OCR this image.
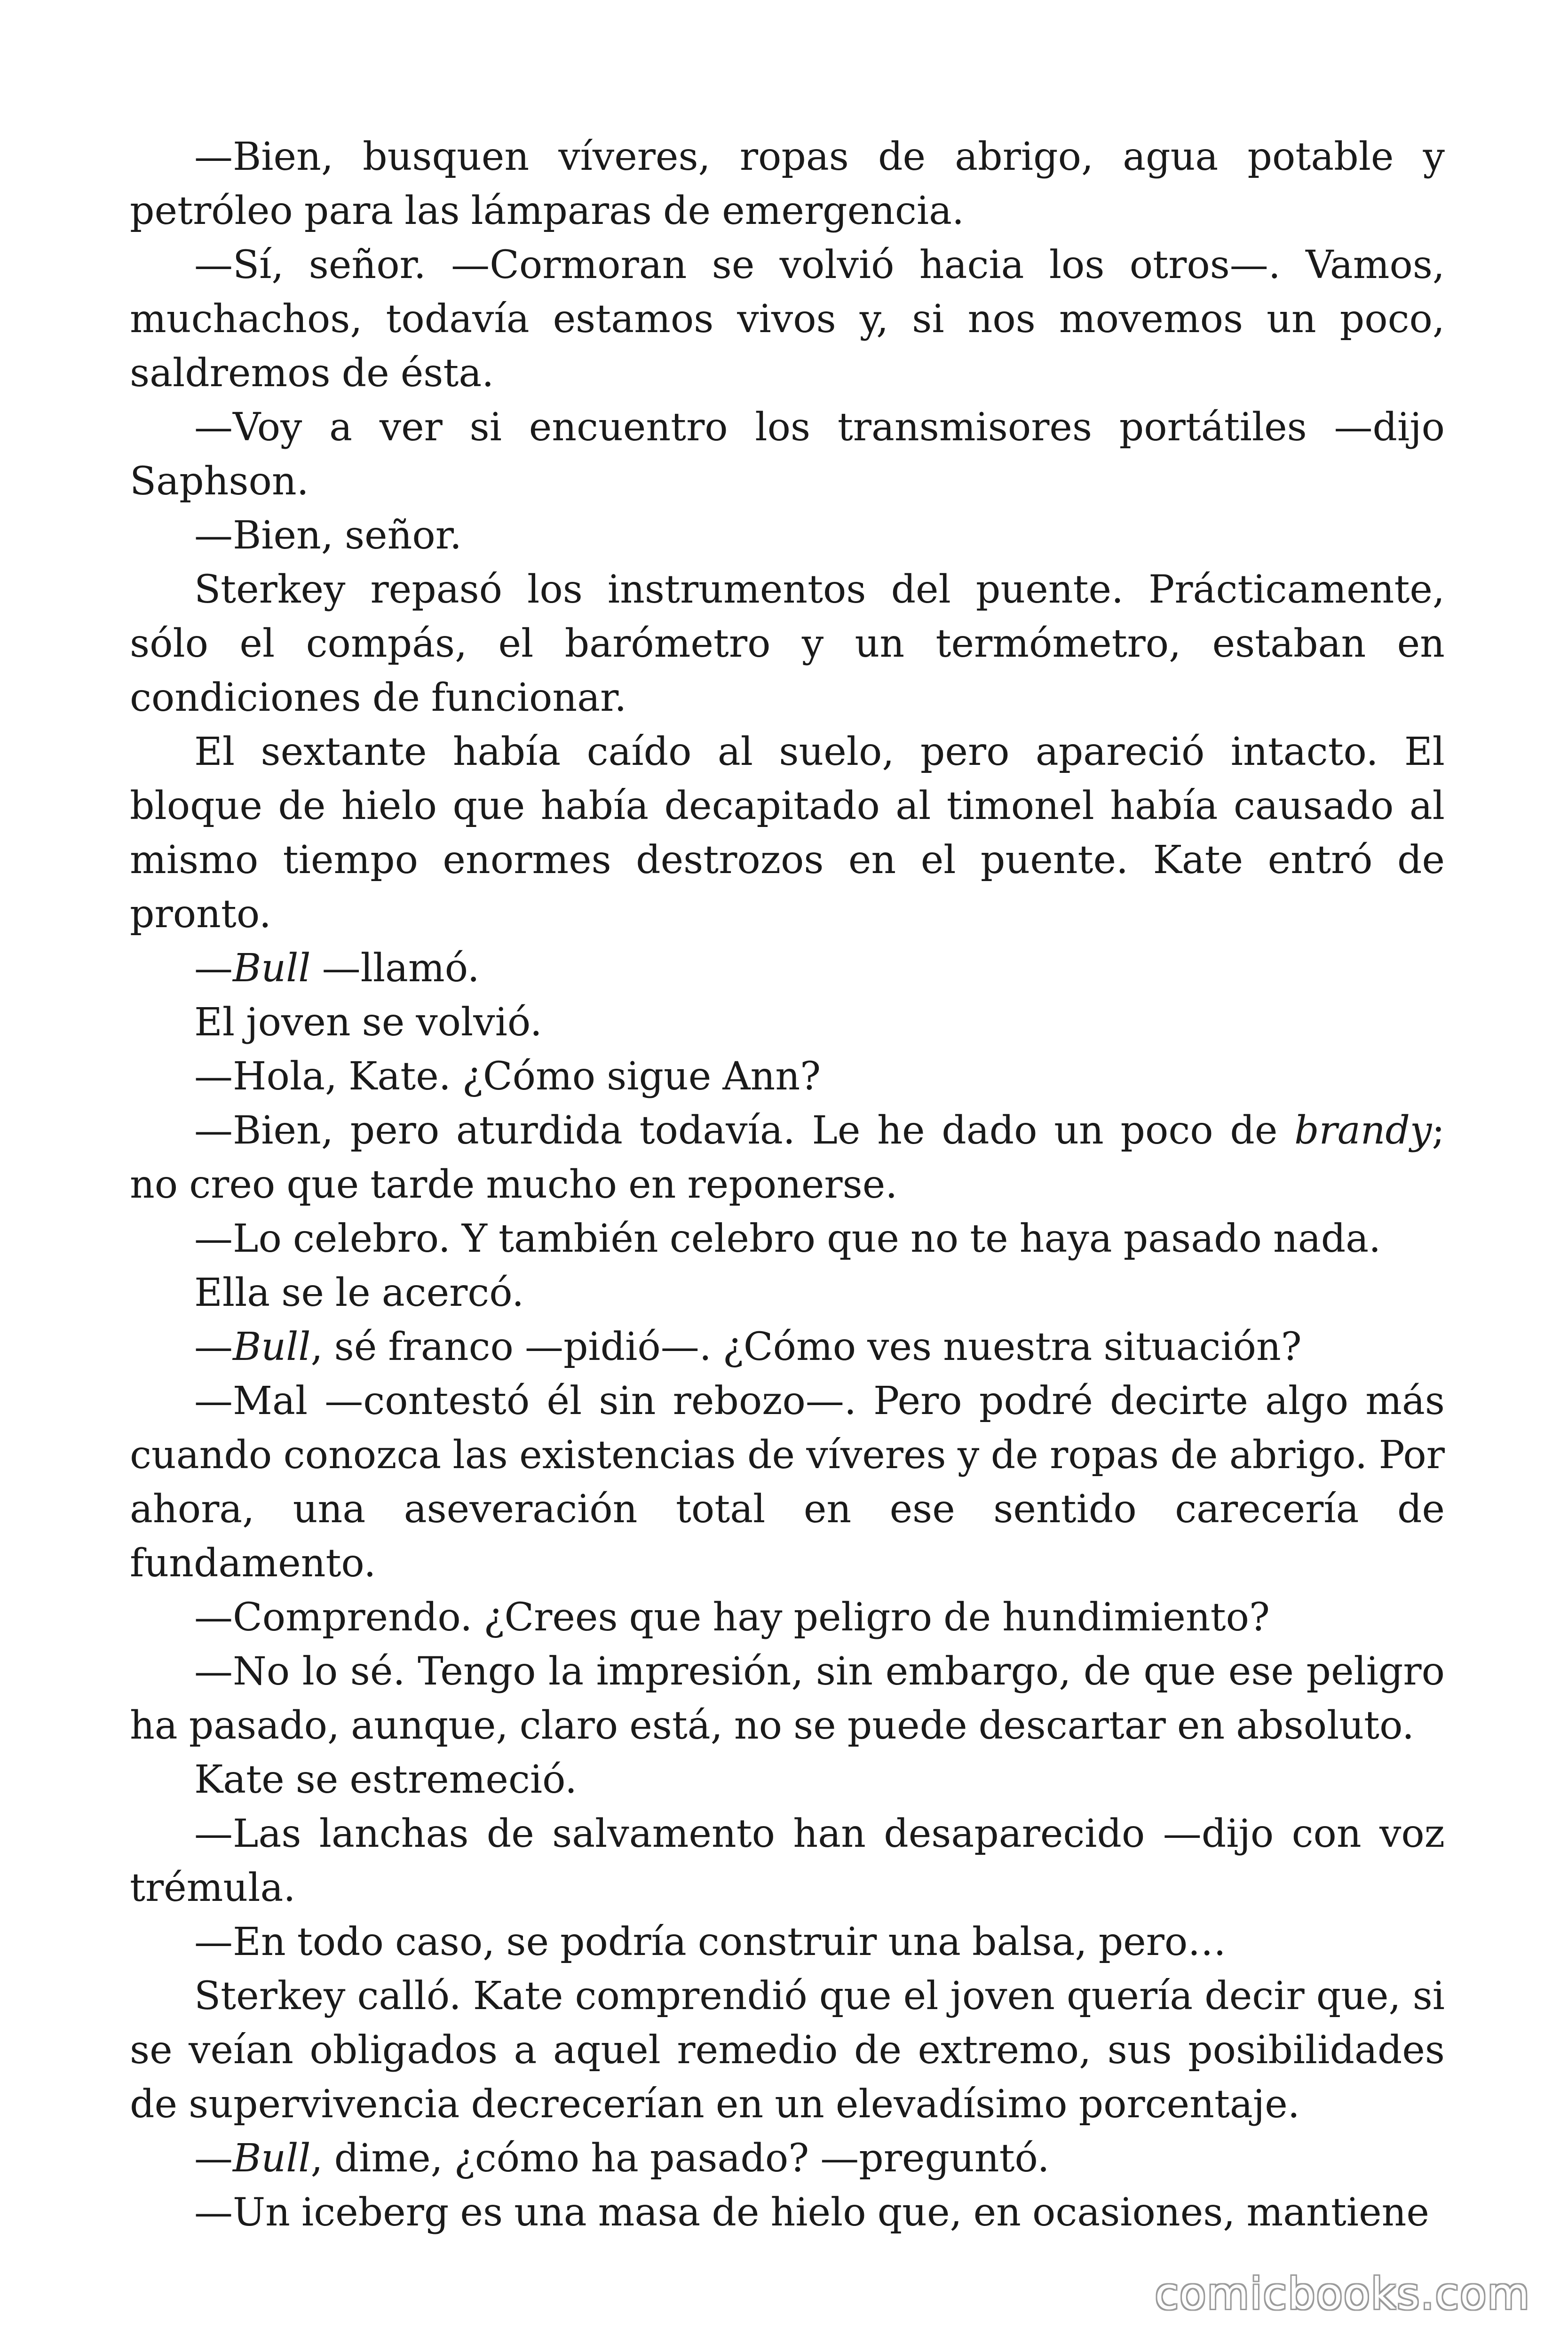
—Bien, busquen víveres, ropas de abrigo, agua potable y petróleo para las lámparas de emergencia.

—Sí, señor. —Cormoran se volvió hacia los otros—. Vamos, muchachos, todavía estamos vivos y, si nos movemos un poco, saldremos de ésta.

—Voy a ver si encuentro los transmisores portátiles —dijo Saphson.

—Bien, señor.

Sterkey repasó los instrumentos del puente. Prácticamente, sólo el compás, el barómetro y un termómetro, estaban en condiciones de funcionar.

El sextante había caído al suelo, pero apareció intacto. El bloque de hielo que había decapitado al timonel había causado al mismo tiempo enormes destrozos en el puente. Kate entró de pronto.

—Bull —llamó.

El joven se volvió.

—Hola, Kate. ¿Cómo sigue Ann?

—Bien, pero aturdida todavía. Le he dado un poco de brandy; no creo que tarde mucho en reponerse.

—Lo celebro. Y también celebro que no te haya pasado nada.

Ella se le acercó.

—Bull, sé franco —pidió—. ¿Cómo ves nuestra situación?

—Mal —contestó él sin rebozo—. Pero podré decirte algo más cuando conozca las existencias de víveres y de ropas de abrigo. Por ahora, una aseveración total en ese sentido carecería de fundamento.

—Comprendo. ¿Crees que hay peligro de hundimiento?

—No lo sé. Tengo la impresión, sin embargo, de que ese peligro ha pasado, aunque, claro está, no se puede descartar en absoluto.

Kate se estremeció.

—Las lanchas de salvamento han desaparecido —dijo con voz trémula.

—En todo caso, se podría construir una balsa, pero…

Sterkey calló. Kate comprendió que el joven quería decir que, si se veían obligados a aquel remedio de extremo, sus posibilidades de supervivencia decrecerían en un elevadísimo porcentaje.

—Bull, dime, ¿cómo ha pasado? —preguntó.

—Un iceberg es una masa de hielo que, en ocasiones, mantiene

comicbooks.com
